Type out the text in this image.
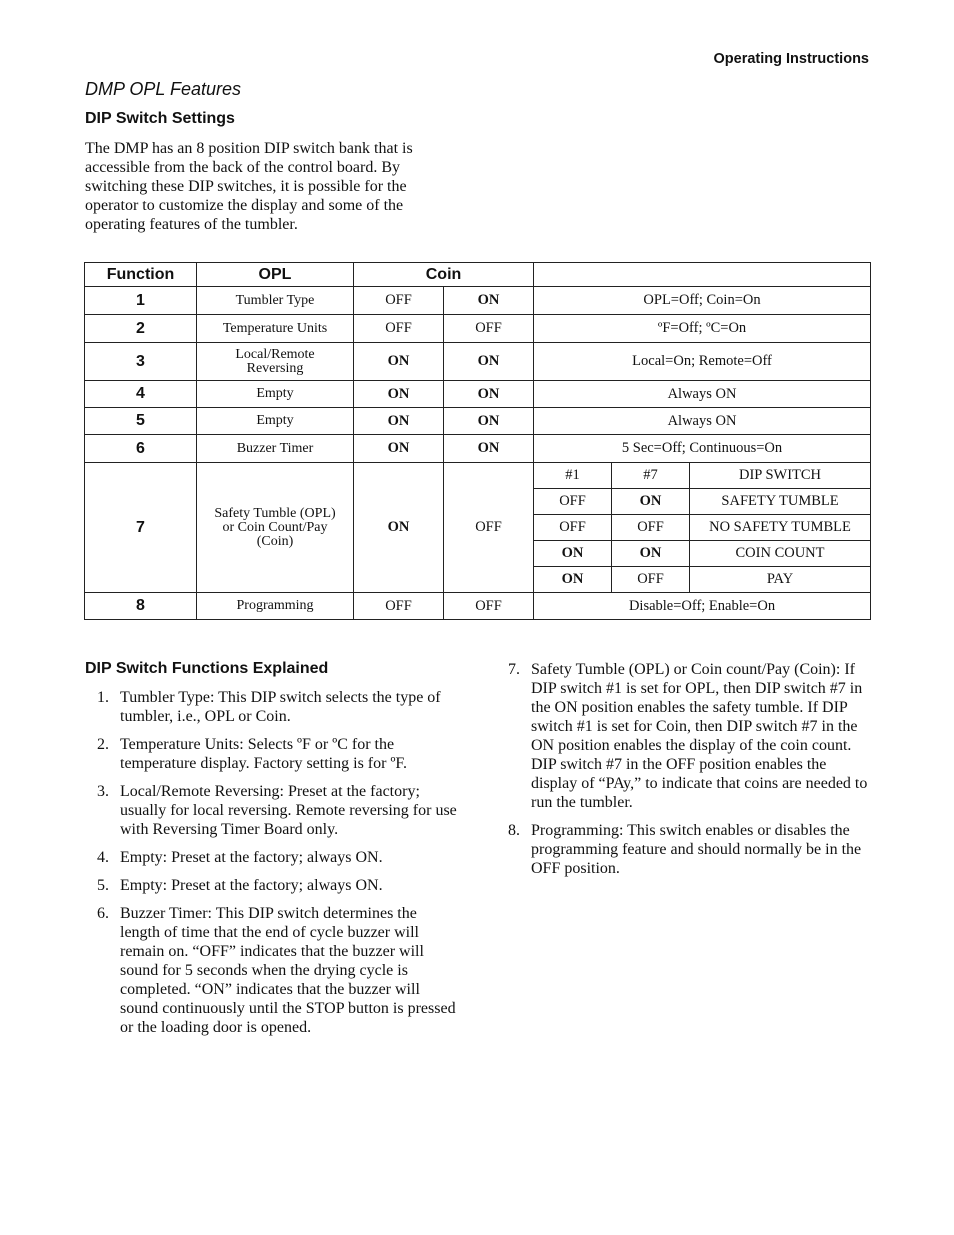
Operating Instructions
DMP OPL Features
DIP Switch Settings

The DMP has an 8 position DIP switch bank that is accessible from the back of the control board. By switching these DIP switches, it is possible for the operator to customize the display and some of the operating features of the tumbler.

Function	OPL	Coin				
1	Tumbler Type	OFF	ON	OPL=Off; Coin=On		
2	Temperature Units	OFF	OFF	ºF=Off; ºC=On		
3	Local/Remote Reversing	ON	ON	Local=On; Remote=Off		
4	Empty	ON	ON	Always ON		
5	Empty	ON	ON	Always ON		
6	Buzzer Timer	ON	ON	5 Sec=Off; Continuous=On		
7	Safety Tumble (OPL) or Coin Count/Pay (Coin)	ON	OFF	#1	#7	DIP SWITCH
				OFF	ON	SAFETY TUMBLE
				OFF	OFF	NO SAFETY TUMBLE
				ON	ON	COIN COUNT
				ON	OFF	PAY
8	Programming	OFF	OFF	Disable=Off; Enable=On		
DIP Switch Functions Explained
1. Tumbler Type: This DIP switch selects the type of tumbler, i.e., OPL or Coin.
2. Temperature Units: Selects ºF or ºC for the temperature display. Factory setting is for ºF.
3. Local/Remote Reversing: Preset at the factory; usually for local reversing. Remote reversing for use with Reversing Timer Board only.
4. Empty: Preset at the factory; always ON.
5. Empty: Preset at the factory; always ON.
6. Buzzer Timer: This DIP switch determines the length of time that the end of cycle buzzer will remain on. “OFF” indicates that the buzzer will sound for 5 seconds when the drying cycle is completed. “ON” indicates that the buzzer will sound continuously until the STOP button is pressed or the loading door is opened.
7. Safety Tumble (OPL) or Coin count/Pay (Coin): If DIP switch #1 is set for OPL, then DIP switch #7 in the ON position enables the safety tumble. If DIP switch #1 is set for Coin, then DIP switch #7 in the ON position enables the display of the coin count. DIP switch #7 in the OFF position enables the display of “PAy,” to indicate that coins are needed to run the tumbler.
8. Programming: This switch enables or disables the programming feature and should normally be in the OFF position.
